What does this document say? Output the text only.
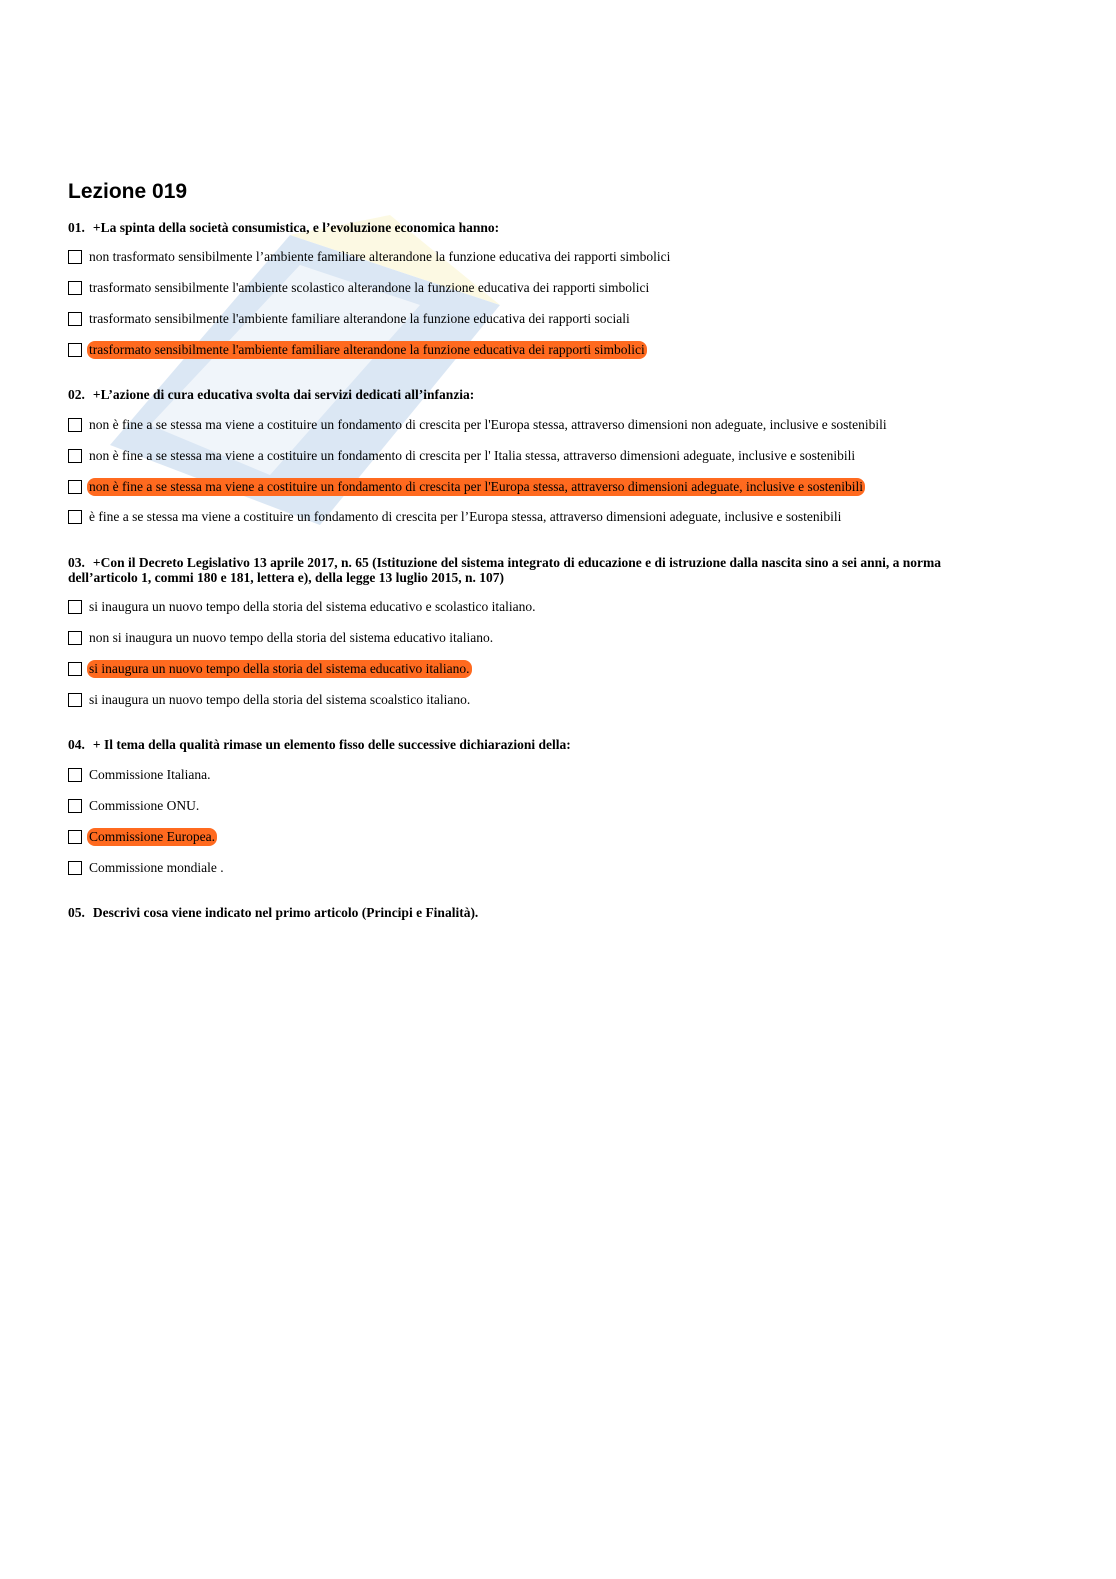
Lezione 019
01. +La spinta della società consumistica, e l’evoluzione economica hanno:
non trasformato sensibilmente l’ambiente familiare alterandone la funzione educativa dei rapporti simbolici
trasformato sensibilmente l'ambiente scolastico alterandone la funzione educativa dei rapporti simbolici
trasformato sensibilmente l'ambiente familiare alterandone la funzione educativa dei rapporti sociali
trasformato sensibilmente l'ambiente familiare alterandone la funzione educativa dei rapporti simbolici
02. +L’azione di cura educativa svolta dai servizi dedicati all’infanzia:
non è fine a se stessa ma viene a costituire un fondamento di crescita per l'Europa stessa, attraverso dimensioni non adeguate, inclusive e sostenibili
non è fine a se stessa ma viene a costituire un fondamento di crescita per l' Italia stessa, attraverso dimensioni adeguate, inclusive e sostenibili
non è fine a se stessa ma viene a costituire un fondamento di crescita per l'Europa stessa, attraverso dimensioni adeguate, inclusive e sostenibili
è fine a se stessa ma viene a costituire un fondamento di crescita per l’Europa stessa, attraverso dimensioni adeguate, inclusive e sostenibili
03. +Con il Decreto Legislativo 13 aprile 2017, n. 65 (Istituzione del sistema integrato di educazione e di istruzione dalla nascita sino a sei anni, a norma dell’articolo 1, commi 180 e 181, lettera e), della legge 13 luglio 2015, n. 107)
si inaugura un nuovo tempo della storia del sistema educativo e scolastico italiano.
non si inaugura un nuovo tempo della storia del sistema educativo italiano.
si inaugura un nuovo tempo della storia del sistema educativo italiano.
si inaugura un nuovo tempo della storia del sistema scoalstico italiano.
04. + Il tema della qualità rimase un elemento fisso delle successive dichiarazioni della:
Commissione Italiana.
Commissione ONU.
Commissione Europea.
Commissione mondiale .
05. Descrivi cosa viene indicato nel primo articolo (Principi e Finalità).
